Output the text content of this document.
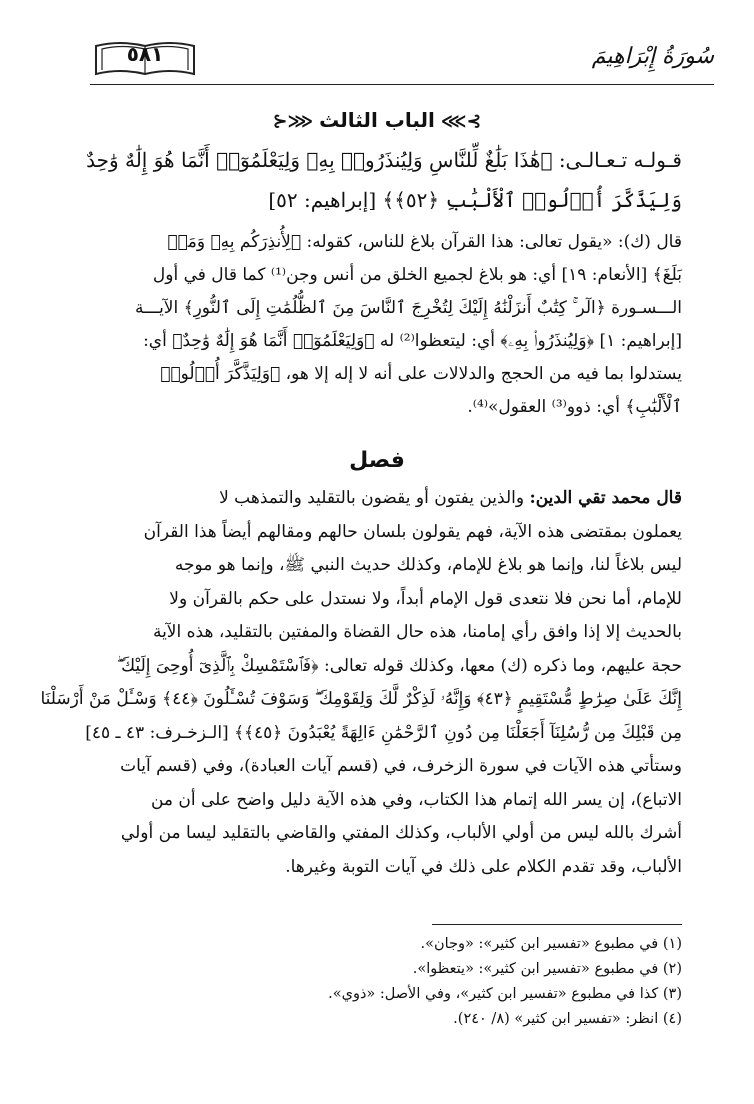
سُورَةُ إِبْرَاهِيمَ
٥٨١
⊱⋙الباب الثالث⋘⊰
قـولـه تـعـالـى: ﴿هَٰذَا بَلَٰغٌ لِّلنَّاسِ وَلِيُنذَرُوا۟ بِهِۦ وَلِيَعْلَمُوٓا۟ أَنَّمَا هُوَ إِلَٰهٌ وَٰحِدٌ
وَلِيَذَّكَّرَ أُو۟لُوا۟ ٱلْأَلْبَٰبِ ﴿٥٢﴾﴾ [إبراهيم: ٥٢]
قال (ك): «يقول تعالى: هذا القرآن بلاغ للناس، كقوله: ﴿لِأُنذِرَكُم بِهِۦ وَمَنۢ
بَلَغَ﴾ [الأنعام: ١٩] أي: هو بلاغ لجميع الخلق من أنس وجن⁽¹⁾ كما قال في أول
الـــسـورة ﴿الٓر ۚ كِتَٰبٌ أَنزَلْنَٰهُ إِلَيْكَ لِتُخْرِجَ ٱلنَّاسَ مِنَ ٱلظُّلُمَٰتِ إِلَى ٱلنُّورِ﴾ الآيـــة
[إبراهيم: ١] ﴿وَلِيُنذَرُوا۟ بِهِۦ﴾ أي: ليتعظوا⁽²⁾ له ﴿وَلِيَعْلَمُوٓا۟ أَنَّمَا هُوَ إِلَٰهٌ وَٰحِدٌ﴾ أي:
يستدلوا بما فيه من الحجج والدلالات على أنه لا إله إلا هو، ﴿وَلِيَذَّكَّرَ أُو۟لُوا۟
ٱلْأَلْبَٰبِ﴾ أي: ذوو⁽³⁾ العقول»⁽⁴⁾.
فصل
قال محمد تقي الدين: والذين يفتون أو يقضون بالتقليد والتمذهب لا
يعملون بمقتضى هذه الآية، فهم يقولون بلسان حالهم ومقالهم أيضاً هذا القرآن
ليس بلاغاً لنا، وإنما هو بلاغ للإمام، وكذلك حديث النبي ﷺ، وإنما هو موجه
للإمام، أما نحن فلا نتعدى قول الإمام أبداً، ولا نستدل على حكم بالقرآن ولا
بالحديث إلا إذا وافق رأي إمامنا، هذه حال القضاة والمفتين بالتقليد، هذه الآية
حجة عليهم، وما ذكره (ك) معها، وكذلك قوله تعالى: ﴿فَٱسْتَمْسِكْ بِٱلَّذِىٓ أُوحِىَ إِلَيْكَ ۖ
إِنَّكَ عَلَىٰ صِرَٰطٍ مُّسْتَقِيمٍ ﴿٤٣﴾ وَإِنَّهُۥ لَذِكْرٌ لَّكَ وَلِقَوْمِكَ ۖ وَسَوْفَ تُسْـَٔلُونَ ﴿٤٤﴾ وَسْـَٔلْ مَنْ أَرْسَلْنَا
مِن قَبْلِكَ مِن رُّسُلِنَآ أَجَعَلْنَا مِن دُونِ ٱلرَّحْمَٰنِ ءَالِهَةً يُعْبَدُونَ ﴿٤٥﴾﴾ [الـزخـرف: ٤٣ ـ ٤٥]
وستأتي هذه الآيات في سورة الزخرف، في (قسم آيات العبادة)، وفي (قسم آيات
الاتباع)، إن يسر الله إتمام هذا الكتاب، وفي هذه الآية دليل واضح على أن من
أشرك بالله ليس من أولي الألباب، وكذلك المفتي والقاضي بالتقليد ليسا من أولي
الألباب، وقد تقدم الكلام على ذلك في آيات التوبة وغيرها.
(١) في مطبوع «تفسير ابن كثير»: «وجان».
(٢) في مطبوع «تفسير ابن كثير»: «يتعظوا».
(٣) كذا في مطبوع «تفسير ابن كثير»، وفي الأصل: «ذوي».
(٤) انظر: «تفسير ابن كثير» (٨/ ٢٤٠).
